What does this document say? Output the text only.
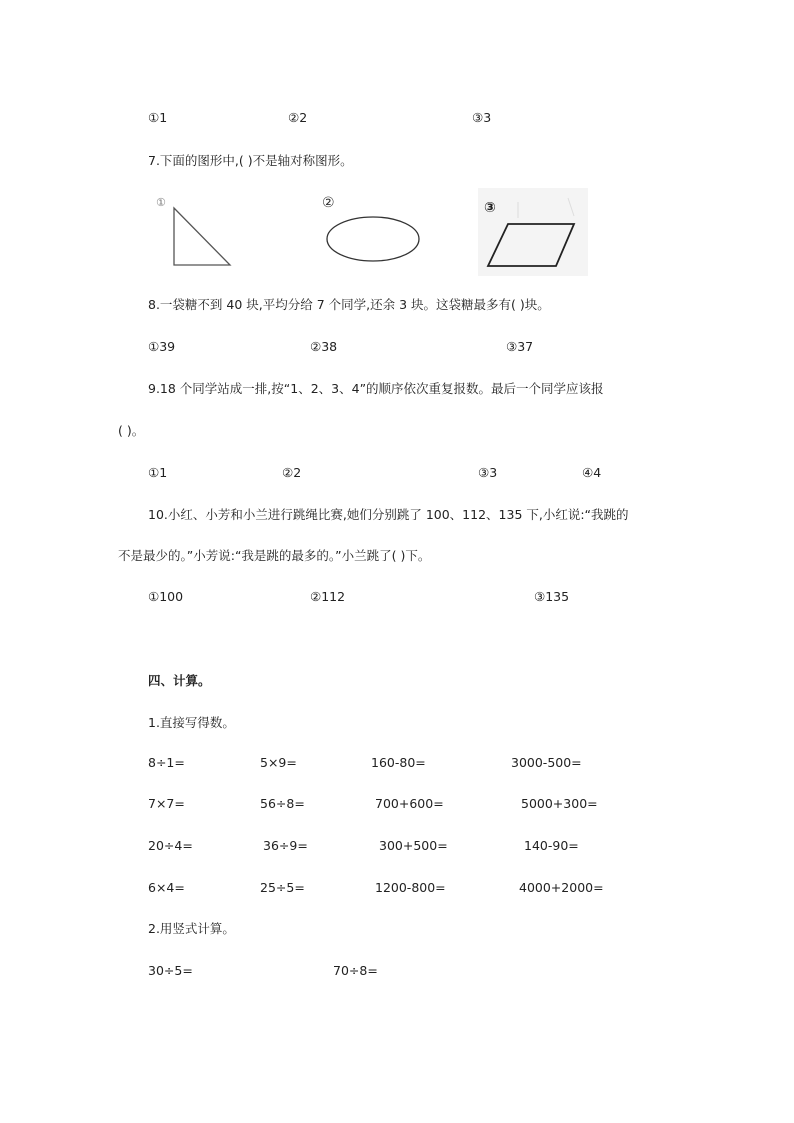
①1	②2	③3
7.下面的图形中,( )不是轴对称图形。
①	②	③
8.一袋糖不到 40 块,平均分给 7 个同学,还余 3 块。这袋糖最多有( )块。
①39	②38	③37
9.18 个同学站成一排,按“1、2、3、4”的顺序依次重复报数。最后一个同学应该报
( )。
①1	②2	③3	④4
10.小红、小芳和小兰进行跳绳比赛,她们分别跳了 100、112、135 下,小红说:“我跳的
不是最少的。”小芳说:“我是跳的最多的。”小兰跳了( )下。
①100	②112	③135
四、计算。
1.直接写得数。
8÷1=	5×9=	160-80=	3000-500=
7×7=	56÷8=	700+600=	5000+300=
20÷4=	36÷9=	300+500=	140-90=
6×4=	25÷5=	1200-800=	4000+2000=
2.用竖式计算。
30÷5=	70÷8=
